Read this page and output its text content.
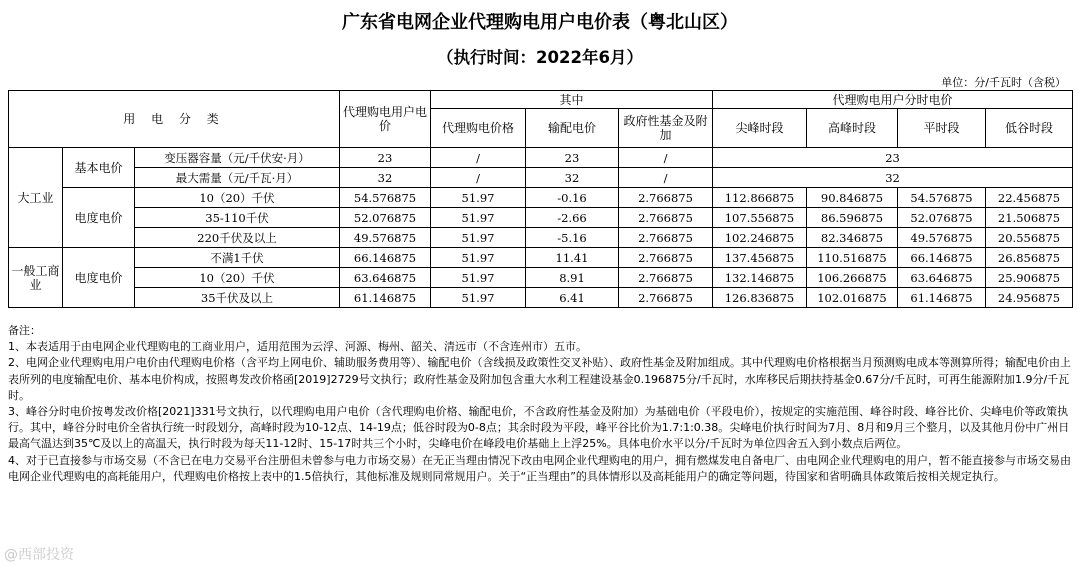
广东省电网企业代理购电用户电价表（粤北山区）
（执行时间：2022年6月）
单位：分/千瓦时（含税）
用 电 分 类			代理购电用户电价	其中			代理购电用户分时电价			
				代理购电价格	输配电价	政府性基金及附加	尖峰时段	高峰时段	平时段	低谷时段
大工业	基本电价	变压器容量（元/千伏安·月）	23	/	23	/	23			
		最大需量（元/千瓦·月）	32	/	32	/	32			
	电度电价	10（20）千伏	54.576875	51.97	-0.16	2.766875	112.866875	90.846875	54.576875	22.456875
		35-110千伏	52.076875	51.97	-2.66	2.766875	107.556875	86.596875	52.076875	21.506875
		220千伏及以上	49.576875	51.97	-5.16	2.766875	102.246875	82.346875	49.576875	20.556875
一般工商业	电度电价	不满1千伏	66.146875	51.97	11.41	2.766875	137.456875	110.516875	66.146875	26.856875
		10（20）千伏	63.646875	51.97	8.91	2.766875	132.146875	106.266875	63.646875	25.906875
		35千伏及以上	61.146875	51.97	6.41	2.766875	126.836875	102.016875	61.146875	24.956875

备注：

1、本表适用于由电网企业代理购电的工商业用户，适用范围为云浮、河源、梅州、韶关、清远市（不含连州市）五市。

2、电网企业代理购电用户电价由代理购电价格（含平均上网电价、辅助服务费用等）、输配电价（含线损及政策性交叉补贴）、政府性基金及附加组成。其中代理购电价格根据当月预测购电成本等测算所得；输配电价由上表所列的电度输配电价、基本电价构成，按照粤发改价格函[2019]2729号文执行；政府性基金及附加包含重大水利工程建设基金0.196875分/千瓦时，水库移民后期扶持基金0.67分/千瓦时，可再生能源附加1.9分/千瓦时。

3、峰谷分时电价按粤发改价格[2021]331号文执行，以代理购电用户电价（含代理购电价格、输配电价，不含政府性基金及附加）为基础电价（平段电价），按规定的实施范围、峰谷时段、峰谷比价、尖峰电价等政策执行。其中，峰谷分时电价全省执行统一时段划分，高峰时段为10-12点、14-19点；低谷时段为0-8点；其余时段为平段，峰平谷比价为1.7:1:0.38。尖峰电价执行时间为7月、8月和9月三个整月，以及其他月份中广州日最高气温达到35℃及以上的高温天，执行时段为每天11-12时、15-17时共三个小时，尖峰电价在峰段电价基础上上浮25%。具体电价水平以分/千瓦时为单位四舍五入到小数点后两位。

4、对于已直接参与市场交易（不含已在电力交易平台注册但未曾参与电力市场交易）在无正当理由情况下改由电网企业代理购电的用户，拥有燃煤发电自备电厂、由电网企业代理购电的用户，暂不能直接参与市场交易由电网企业代理购电的高耗能用户，代理购电价格按上表中的1.5倍执行，其他标准及规则同常规用户。关于“正当理由”的具体情形以及高耗能用户的确定等问题，待国家和省明确具体政策后按相关规定执行。

@西部投资
